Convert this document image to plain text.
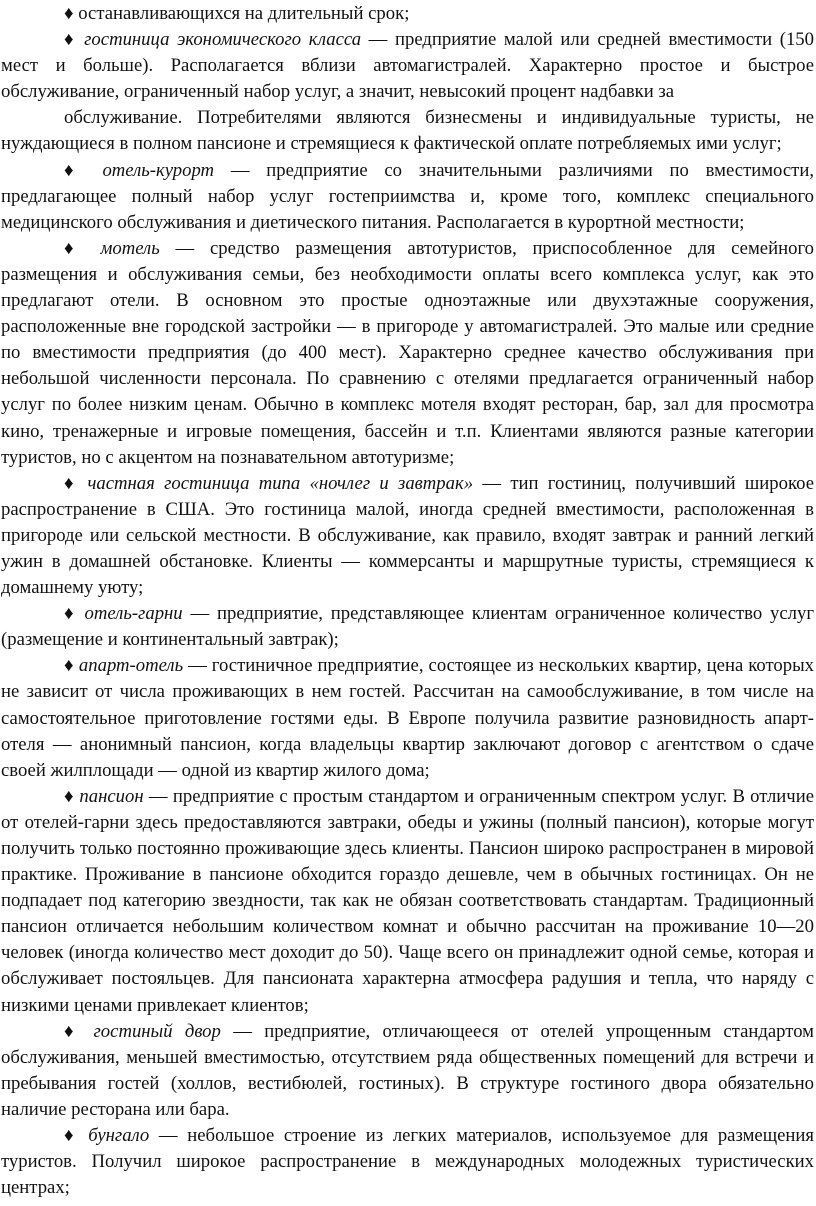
♦ останавливающихся на длительный срок;

♦ гостиница экономического класса — предприятие малой или средней вместимости (150 мест и больше). Располагается вблизи автомагистралей. Характерно простое и быстрое обслуживание, ограниченный набор услуг, а значит, невысокий процент надбавки за

обслуживание. Потребителями являются бизнесмены и индивидуальные туристы, не нуждающиеся в полном пансионе и стремящиеся к фактической оплате потребляемых ими услуг;

♦ отель-курорт — предприятие со значительными различиями по вместимости, предлагающее полный набор услуг гостеприимства и, кроме того, комплекс специального медицинского обслуживания и диетического питания. Располагается в курортной местности;

♦ мотель — средство размещения автотуристов, приспособленное для семейного размещения и обслуживания семьи, без необходимости оплаты всего комплекса услуг, как это предлагают отели. В основном это простые одноэтажные или двухэтажные сооружения, расположенные вне городской застройки — в пригороде у автомагистралей. Это малые или средние по вместимости предприятия (до 400 мест). Характерно среднее качество обслуживания при небольшой численности персонала. По сравнению с отелями предлагается ограниченный набор услуг по более низким ценам. Обычно в комплекс мотеля входят ресторан, бар, зал для просмотра кино, тренажерные и игровые помещения, бассейн и т.п. Клиентами являются разные категории туристов, но с акцентом на познавательном автотуризме;

♦ частная гостиница типа «ночлег и завтрак» — тип гостиниц, получивший широкое распространение в США. Это гостиница малой, иногда средней вместимости, расположенная в пригороде или сельской местности. В обслуживание, как правило, входят завтрак и ранний легкий ужин в домашней обстановке. Клиенты — коммерсанты и маршрутные туристы, стремящиеся к домашнему уюту;

♦ отель-гарни — предприятие, представляющее клиентам ограниченное количество услуг (размещение и континентальный завтрак);

♦ апарт-отель — гостиничное предприятие, состоящее из нескольких квартир, цена которых не зависит от числа проживающих в нем гостей. Рассчитан на самообслуживание, в том числе на самостоятельное приготовление гостями еды. В Европе получила развитие разновидность апарт-отеля — анонимный пансион, когда владельцы квартир заключают договор с агентством о сдаче своей жилплощади — одной из квартир жилого дома;

♦ пансион — предприятие с простым стандартом и ограниченным спектром услуг. В отличие от отелей-гарни здесь предоставляются завтраки, обеды и ужины (полный пансион), которые могут получить только постоянно проживающие здесь клиенты. Пансион широко распространен в мировой практике. Проживание в пансионе обходится гораздо дешевле, чем в обычных гостиницах. Он не подпадает под категорию звездности, так как не обязан соответствовать стандартам. Традиционный пансион отличается небольшим количеством комнат и обычно рассчитан на проживание 10—20 человек (иногда количество мест доходит до 50). Чаще всего он принадлежит одной семье, которая и обслуживает постояльцев. Для пансионата характерна атмосфера радушия и тепла, что наряду с низкими ценами привлекает клиентов;

♦ гостиный двор — предприятие, отличающееся от отелей упрощенным стандартом обслуживания, меньшей вместимостью, отсутствием ряда общественных помещений для встречи и пребывания гостей (холлов, вестибюлей, гостиных). В структуре гостиного двора обязательно наличие ресторана или бара.

♦ бунгало — небольшое строение из легких материалов, используемое для размещения туристов. Получил широкое распространение в международных молодежных туристических центрах;
